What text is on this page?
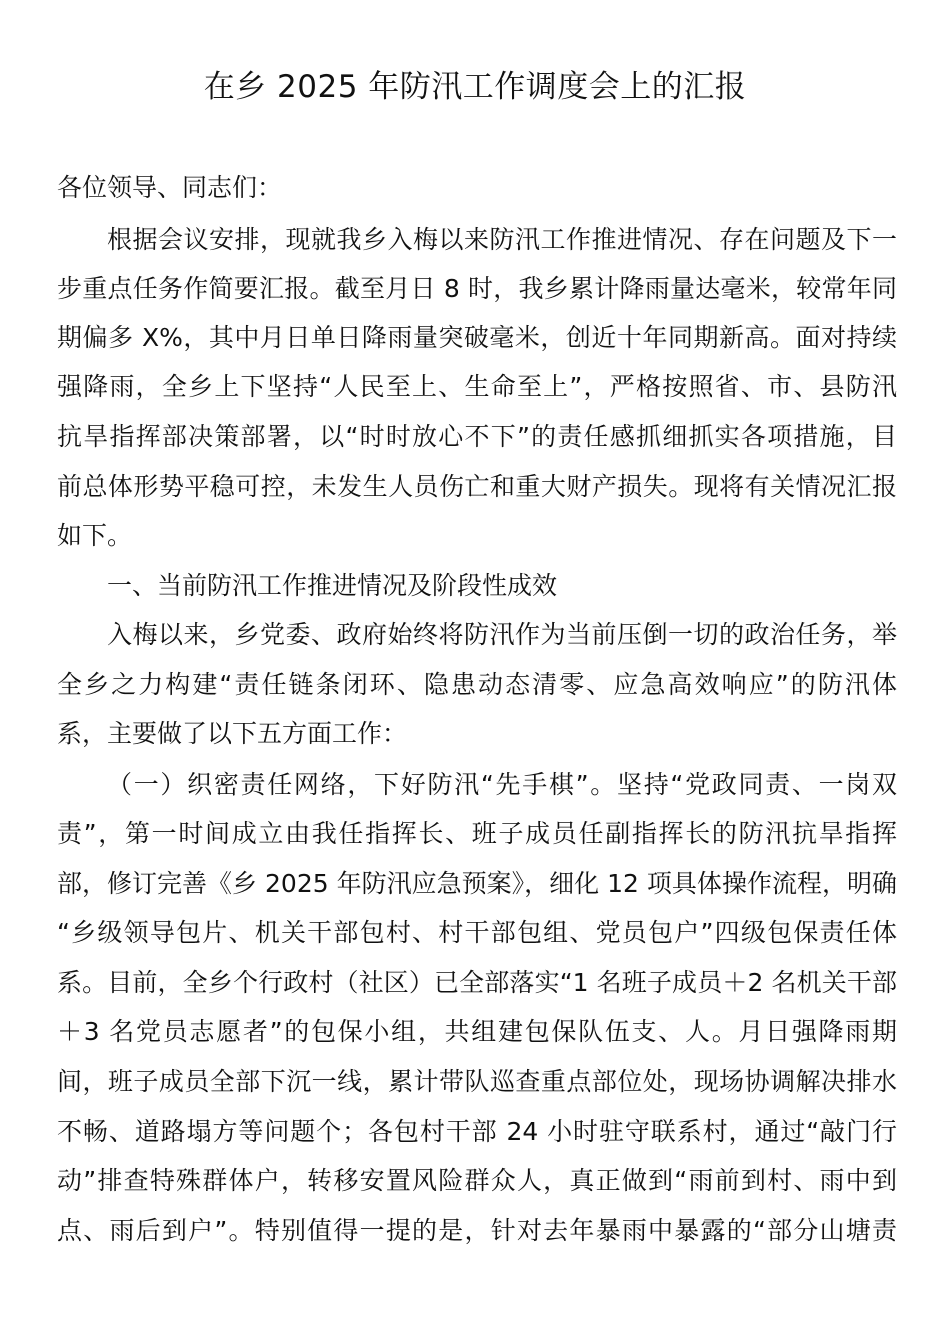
在乡 2025 年防汛工作调度会上的汇报

各位领导、同志们：

根据会议安排，现就我乡入梅以来防汛工作推进情况、存在问题及下一

步重点任务作简要汇报。截至月日 8 时，我乡累计降雨量达毫米，较常年同

期偏多 X%，其中月日单日降雨量突破毫米，创近十年同期新高。面对持续

强降雨，全乡上下坚持“人民至上、生命至上”，严格按照省、市、县防汛

抗旱指挥部决策部署，以“时时放心不下”的责任感抓细抓实各项措施，目

前总体形势平稳可控，未发生人员伤亡和重大财产损失。现将有关情况汇报

如下。

一、当前防汛工作推进情况及阶段性成效

入梅以来，乡党委、政府始终将防汛作为当前压倒一切的政治任务，举

全乡之力构建“责任链条闭环、隐患动态清零、应急高效响应”的防汛体

系，主要做了以下五方面工作：

（一）织密责任网络，下好防汛“先手棋”。坚持“党政同责、一岗双

责”，第一时间成立由我任指挥长、班子成员任副指挥长的防汛抗旱指挥

部，修订完善《乡 2025 年防汛应急预案》，细化 12 项具体操作流程，明确

“乡级领导包片、机关干部包村、村干部包组、党员包户”四级包保责任体

系。目前，全乡个行政村（社区）已全部落实“1 名班子成员＋2 名机关干部

＋3 名党员志愿者”的包保小组，共组建包保队伍支、人。月日强降雨期

间，班子成员全部下沉一线，累计带队巡查重点部位处，现场协调解决排水

不畅、道路塌方等问题个；各包村干部 24 小时驻守联系村，通过“敲门行

动”排查特殊群体户，转移安置风险群众人，真正做到“雨前到村、雨中到

点、雨后到户”。特别值得一提的是，针对去年暴雨中暴露的“部分山塘责
